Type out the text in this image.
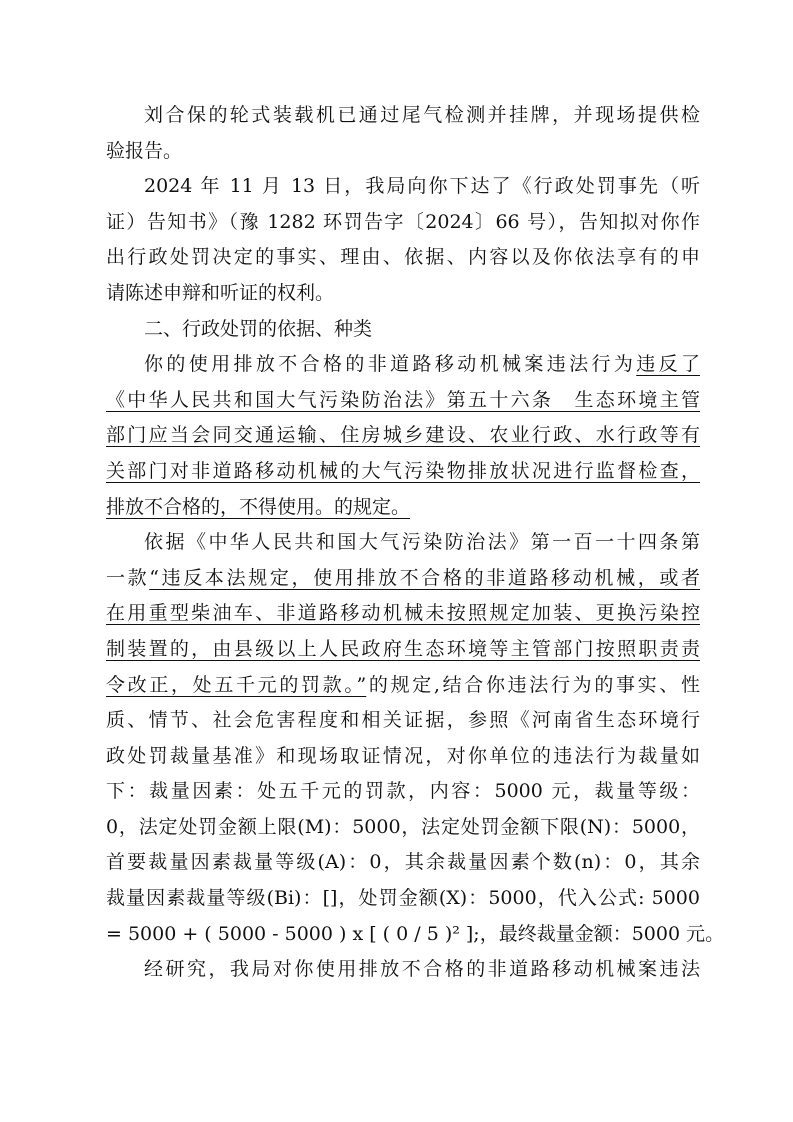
刘合保的轮式装载机已通过尾气检测并挂牌，并现场提供检
验报告。
2024 年 11 月 13 日，我局向你下达了《行政处罚事先（听
证）告知书》（豫 1282 环罚告字〔2024〕66 号），告知拟对你作
出行政处罚决定的事实、理由、依据、内容以及你依法享有的申
请陈述申辩和听证的权利。
二、行政处罚的依据、种类
你的使用排放不合格的非道路移动机械案违法行为违反了
《中华人民共和国大气污染防治法》第五十六条　生态环境主管
部门应当会同交通运输、住房城乡建设、农业行政、水行政等有
关部门对非道路移动机械的大气污染物排放状况进行监督检查，
排放不合格的，不得使用。的规定。
依据《中华人民共和国大气污染防治法》第一百一十四条第
一款“违反本法规定，使用排放不合格的非道路移动机械，或者
在用重型柴油车、非道路移动机械未按照规定加装、更换污染控
制装置的，由县级以上人民政府生态环境等主管部门按照职责责
令改正，处五千元的罚款。”的规定,结合你违法行为的事实、性
质、情节、社会危害程度和相关证据，参照《河南省生态环境行
政处罚裁量基准》和现场取证情况，对你单位的违法行为裁量如
下：裁量因素：处五千元的罚款，内容：5000 元，裁量等级：
0，法定处罚金额上限(M)：5000，法定处罚金额下限(N)：5000，
首要裁量因素裁量等级(A)：0，其余裁量因素个数(n)：0，其余
裁量因素裁量等级(Bi)：[]，处罚金额(X)：5000，代入公式: 5000
= 5000 + ( 5000 - 5000 ) x [ ( 0 / 5 )² ];，最终裁量金额：5000 元。
经研究，我局对你使用排放不合格的非道路移动机械案违法
